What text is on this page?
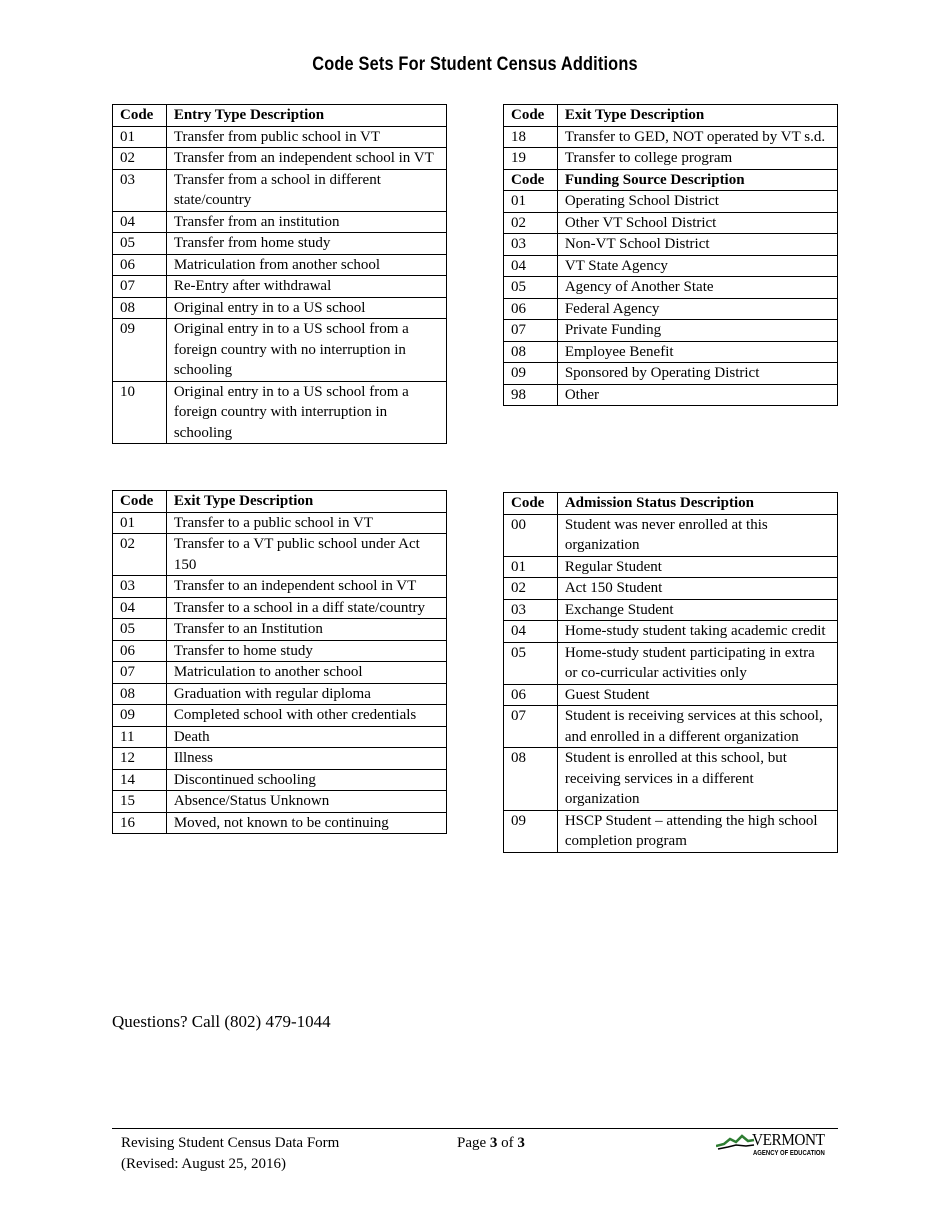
Code Sets For Student Census Additions
Code	Entry Type Description
01	Transfer from public school in VT
02	Transfer from an independent school in VT
03	Transfer from a school in different state/country
04	Transfer from an institution
05	Transfer from home study
06	Matriculation from another school
07	Re-Entry after withdrawal
08	Original entry in to a US school
09	Original entry in to a US school from a foreign country with no interruption in schooling
10	Original entry in to a US school from a foreign country with interruption in schooling
Code	Exit Type Description
01	Transfer to a public school in VT
02	Transfer to a VT public school under Act 150
03	Transfer to an independent school in VT
04	Transfer to a school in a diff state/country
05	Transfer to an Institution
06	Transfer to home study
07	Matriculation to another school
08	Graduation with regular diploma
09	Completed school with other credentials
11	Death
12	Illness
14	Discontinued schooling
15	Absence/Status Unknown
16	Moved, not known to be continuing
Code	Exit Type Description
18	Transfer to GED, NOT operated by VT s.d.
19	Transfer to college program
Code	Funding Source Description
01	Operating School District
02	Other VT School District
03	Non-VT School District
04	VT State Agency
05	Agency of Another State
06	Federal Agency
07	Private Funding
08	Employee Benefit
09	Sponsored by Operating District
98	Other
Code	Admission Status Description
00	Student was never enrolled at this organization
01	Regular Student
02	Act 150 Student
03	Exchange Student
04	Home-study student taking academic credit
05	Home-study student participating in extra or co-curricular activities only
06	Guest Student
07	Student is receiving services at this school, and enrolled in a different organization
08	Student is enrolled at this school, but receiving services in a different organization
09	HSCP Student – attending the high school completion program
Questions? Call (802) 479-1044
Revising Student Census Data Form
(Revised: August 25, 2016)
Page 3 of 3	VERMONT
AGENCY OF EDUCATION
